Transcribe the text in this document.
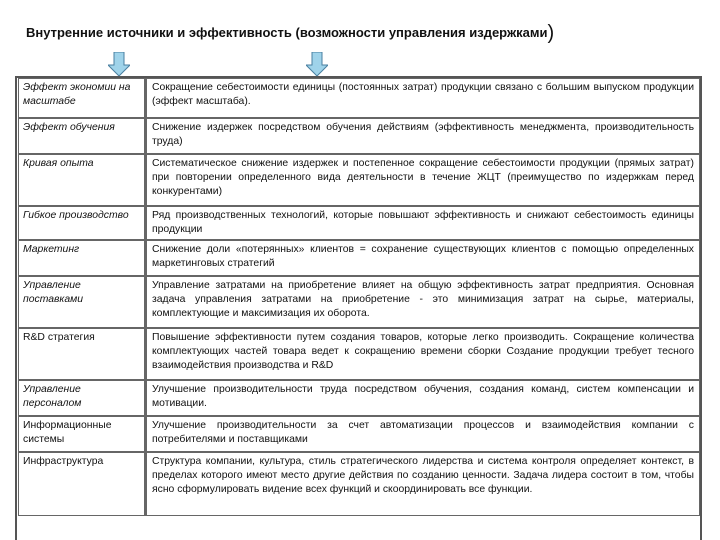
Внутренние источники и эффективность (возможности управления издержками)
Эффект экономии на масштабе	Сокращение себестоимости единицы (постоянных затрат) продукции связано с большим выпуском продукции (эффект масштаба).
Эффект обучения	Снижение издержек посредством обучения действиям (эффективность менеджмента, производительность труда)
Кривая опыта	Систематическое снижение издержек и постепенное сокращение себестоимости продукции (прямых затрат) при повторении определенного вида деятельности в течение ЖЦТ (преимущество по издержкам перед конкурентами)
Гибкое производство	Ряд производственных технологий, которые повышают эффективность и снижают себестоимость единицы продукции
Маркетинг	Снижение доли «потерянных» клиентов = сохранение существующих клиентов с помощью определенных маркетинговых стратегий
Управление поставками	Управление затратами на приобретение влияет на общую эффективность затрат предприятия. Основная задача управления затратами на приобретение - это минимизация затрат на сырье, материалы, комплектующие и максимизация их оборота.
R&D стратегия	Повышение эффективности путем создания товаров, которые легко производить. Сокращение количества комплектующих частей товара ведет к сокращению времени сборки Создание продукции требует тесного взаимодействия производства и R&D
Управление персоналом	Улучшение производительности труда посредством обучения, создания команд, систем компенсации и мотивации.
Информационные системы	Улучшение производительности за счет автоматизации процессов и взаимодействия компании с потребителями и поставщиками
Инфраструктура	Структура компании, культура, стиль стратегического лидерства и система контроля определяет контекст, в пределах которого имеют место другие действия по созданию ценности. Задача лидера состоит в том, чтобы ясно сформулировать видение всех функций и скоординировать все функции.
